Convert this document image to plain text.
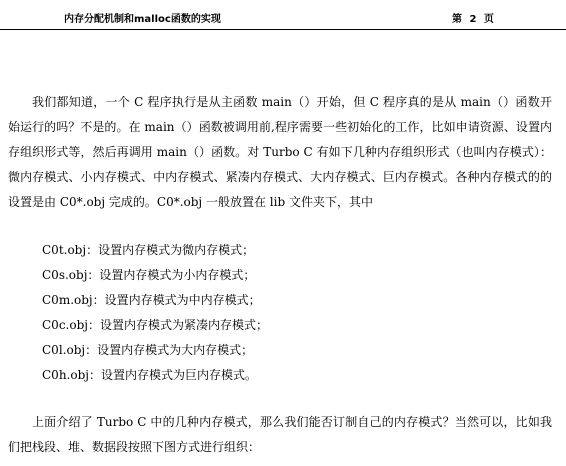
内存分配机制和malloc函数的实现	第 2 页

我们都知道，一个 C 程序执行是从主函数 main（）开始，但 C 程序真的是从 main（）函数开始运行的吗？不是的。在 main（）函数被调用前,程序需要一些初始化的工作，比如申请资源、设置内存组织形式等，然后再调用 main（）函数。对 Turbo C 有如下几种内存组织形式（也叫内存模式）：微内存模式、小内存模式、中内存模式、紧凑内存模式、大内存模式、巨内存模式。各种内存模式的的设置是由 C0*.obj 完成的。C0*.obj 一般放置在 lib 文件夹下，其中

C0t.obj：设置内存模式为微内存模式；
C0s.obj：设置内存模式为小内存模式；
C0m.obj：设置内存模式为中内存模式；
C0c.obj：设置内存模式为紧凑内存模式；
C0l.obj：设置内存模式为大内存模式；
C0h.obj：设置内存模式为巨内存模式。

上面介绍了 Turbo C 中的几种内存模式，那么我们能否订制自己的内存模式？当然可以，比如我们把栈段、堆、数据段按照下图方式进行组织：
